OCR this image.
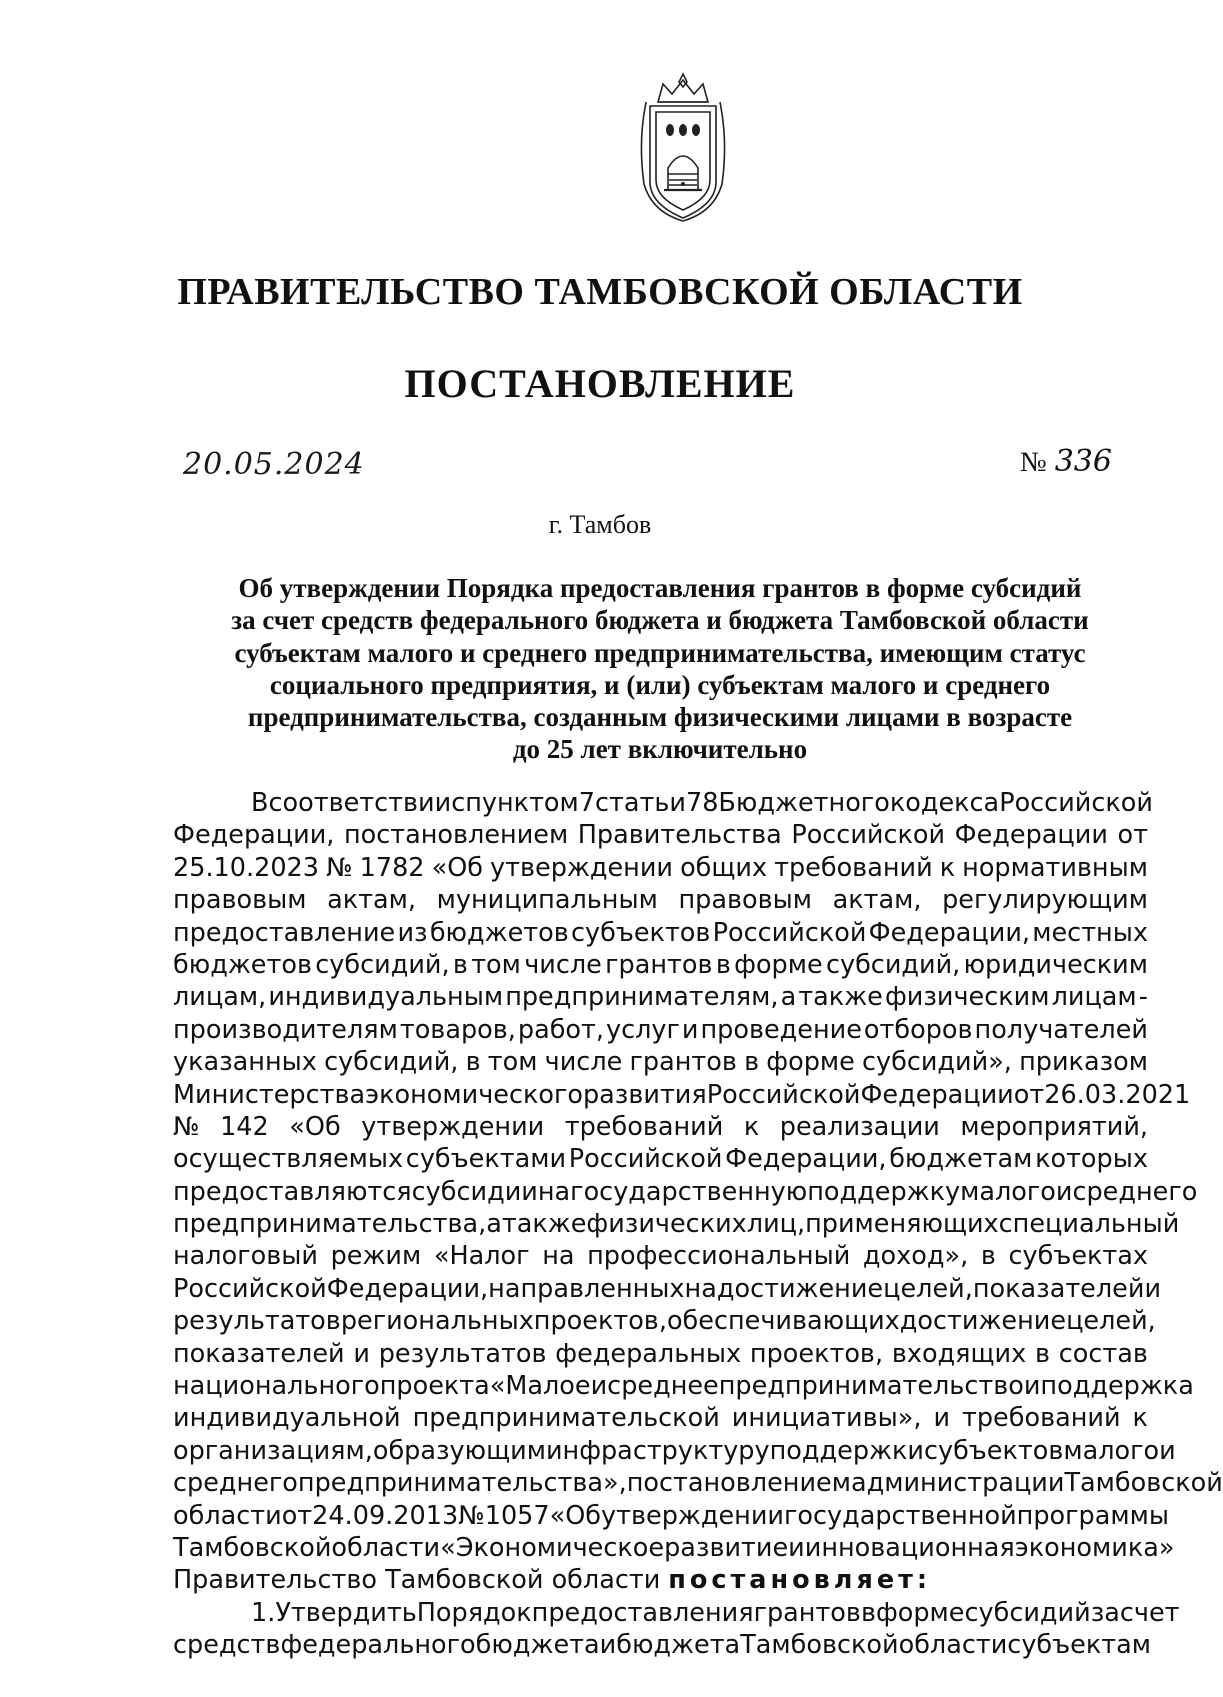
ПРАВИТЕЛЬСТВО ТАМБОВСКОЙ ОБЛАСТИ
ПОСТАНОВЛЕНИЕ
20.05.2024	№ 336
г. Тамбов
Об утверждении Порядка предоставления грантов в форме субсидий
за счет средств федерального бюджета и бюджета Тамбовской области
субъектам малого и среднего предпринимательства, имеющим статус
социального предприятия, и (или) субъектам малого и среднего
предпринимательства, созданным физическими лицами в возрасте
до 25 лет включительно
В соответствии с пунктом 7 статьи 78 Бюджетного кодекса Российской
Федерации, постановлением Правительства Российской Федерации от
25.10.2023 № 1782 «Об утверждении общих требований к нормативным
правовым актам, муниципальным правовым актам, регулирующим
предоставление из бюджетов субъектов Российской Федерации, местных
бюджетов субсидий, в том числе грантов в форме субсидий, юридическим
лицам, индивидуальным предпринимателям, а также физическим лицам -
производителям товаров, работ, услуг и проведение отборов получателей
указанных субсидий, в том числе грантов в форме субсидий», приказом
Министерства экономического развития Российской Федерации от 26.03.2021
№ 142 «Об утверждении требований к реализации мероприятий,
осуществляемых субъектами Российской Федерации, бюджетам которых
предоставляются субсидии на государственную поддержку малого и среднего
предпринимательства, а также физических лиц, применяющих специальный
налоговый режим «Налог на профессиональный доход», в субъектах
Российской Федерации, направленных на достижение целей, показателей и
результатов региональных проектов, обеспечивающих достижение целей,
показателей и результатов федеральных проектов, входящих в состав
национального проекта «Малое и среднее предпринимательство и поддержка
индивидуальной предпринимательской инициативы», и требований к
организациям, образующим инфраструктуру поддержки субъектов малого и
среднего предпринимательства», постановлением администрации Тамбовской
области от 24.09.2013 № 1057 «Об утверждении государственной программы
Тамбовской области «Экономическое развитие и инновационная экономика»
Правительство Тамбовской области постановляет:
1. Утвердить Порядок предоставления грантов в форме субсидий за счет
средств федерального бюджета и бюджета Тамбовской области субъектам
